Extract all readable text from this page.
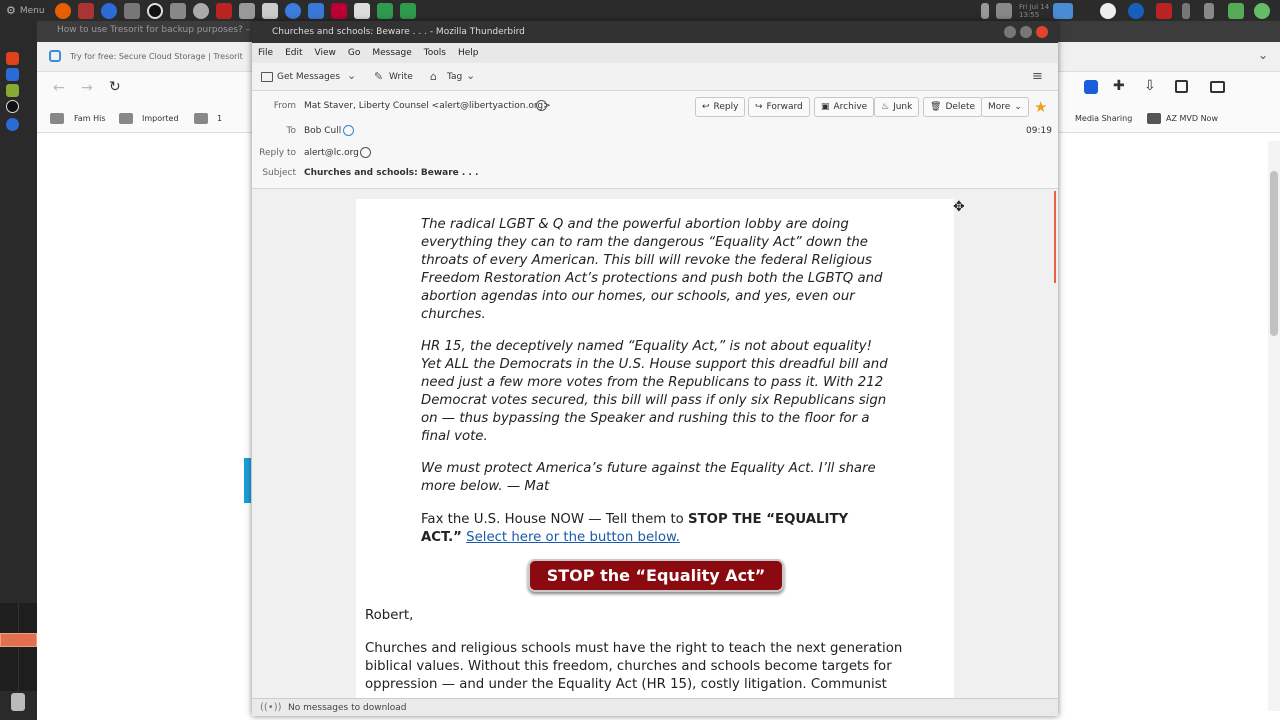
⚙ Menu	Fri Jul 14
13:55
How to use Tresorit for backup purposes? –
Try for free: Secure Cloud Storage | Tresorit	⌄
← → ↻	✚ ⇩
Fam His	Imported	1	Media Sharing	AZ MVD Now
Churches and schools: Beware . . . - Mozilla Thunderbird
File Edit View Go Message Tools Help
Get Messages ⌄ ✎ Write ⌂ Tag ⌄	≡
From Mat Staver, Liberty Counsel <alert@libertyaction.org>
To Bob Cull
Reply to alert@lc.org
Subject Churches and schools: Beware . . .
↩ Reply ↪ Forward ▣ Archive ♨ Junk 🗑 Delete More ⌄ ★
09:19

The radical LGBT & Q and the powerful abortion lobby are doing everything they can to ram the dangerous “Equality Act” down the throats of every American. This bill will revoke the federal Religious Freedom Restoration Act’s protections and push both the LGBTQ and abortion agendas into our homes, our schools, and yes, even our churches.

HR 15, the deceptively named “Equality Act,” is not about equality! Yet ALL the Democrats in the U.S. House support this dreadful bill and need just a few more votes from the Republicans to pass it. With 212 Democrat votes secured, this bill will pass if only six Republicans sign on — thus bypassing the Speaker and rushing this to the floor for a final vote.

We must protect America’s future against the Equality Act. I’ll share more below. — Mat

Fax the U.S. House NOW — Tell them to STOP THE “EQUALITY ACT.” Select here or the button below.

STOP the “Equality Act”

Robert,

Churches and religious schools must have the right to teach the next generation biblical values. Without this freedom, churches and schools become targets for oppression — and under the Equality Act (HR 15), costly litigation. Communist

✥
((•)) No messages to download
